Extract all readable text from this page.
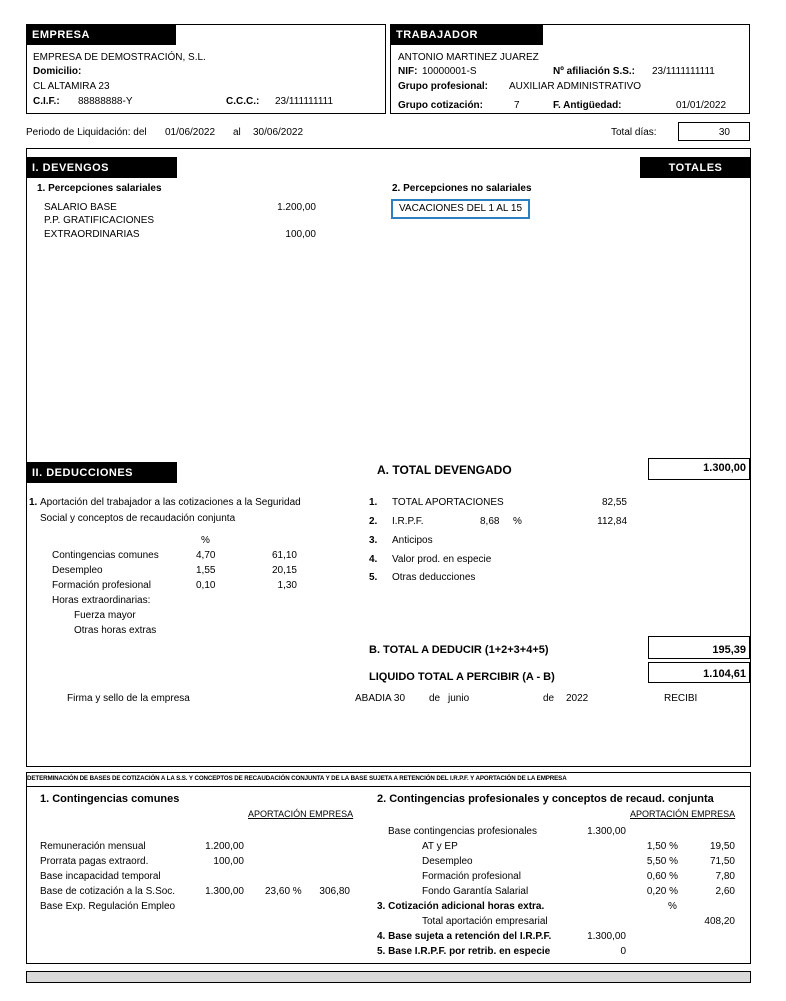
EMPRESA
EMPRESA DE DEMOSTRACIÓN, S.L.
Domicilio:
CL ALTAMIRA 23
C.I.F.: 88888888-Y	C.C.C.: 23/111111111
TRABAJADOR
ANTONIO MARTINEZ JUAREZ
NIF: 10000001-S	Nº afiliación S.S.: 23/1111111111
Grupo profesional: AUXILIAR ADMINISTRATIVO
Grupo cotización:	7	F. Antigüedad:	01/01/2022
Periodo de Liquidación: del 01/06/2022 al 30/06/2022	Total días:	30
I. DEVENGOS	TOTALES
1. Percepciones salariales
SALARIO BASE	1.200,00
P.P. GRATIFICACIONES
EXTRAORDINARIAS	100,00
2. Percepciones no salariales
VACACIONES DEL 1 AL 15
A. TOTAL DEVENGADO	1.300,00
II. DEDUCCIONES
1. Aportación del trabajador a las cotizaciones a la Seguridad
Social y conceptos de recaudación conjunta
%
Contingencias comunes	4,70	61,10
Desempleo	1,55	20,15
Formación profesional	0,10	1,30
Horas extraordinarias:
Fuerza mayor
Otras horas extras
1. TOTAL APORTACIONES	82,55
2. I.R.P.F.	8,68 %	112,84
3. Anticipos
4. Valor prod. en especie
5. Otras deducciones
B. TOTAL A DEDUCIR (1+2+3+4+5)	195,39
LIQUIDO TOTAL A PERCIBIR (A - B)	1.104,61
Firma y sello de la empresa	ABADIA 30 de junio	de 2022	RECIBI
DETERMINACIÓN DE BASES DE COTIZACIÓN A LA S.S. Y CONCEPTOS DE RECAUDACIÓN CONJUNTA Y DE LA BASE SUJETA A RETENCIÓN DEL I.R.P.F. Y APORTACIÓN DE LA EMPRESA
1. Contingencias comunes
APORTACIÓN EMPRESA
Remuneración mensual	1.200,00
Prorrata pagas extraord.	100,00
Base incapacidad temporal
Base de cotización a la S.Soc.	1.300,00 23,60 %	306,80
Base Exp. Regulación Empleo
2. Contingencias profesionales y conceptos de recaud. conjunta
APORTACIÓN EMPRESA
Base contingencias profesionales	1.300,00
AT y EP	1,50 %	19,50
Desempleo	5,50 %	71,50
Formación profesional	0,60 %	7,80
Fondo Garantía Salarial	0,20 %	2,60
3. Cotización adicional horas extra.	%
Total aportación empresarial	408,20
4. Base sujeta a retención del I.R.P.F.	1.300,00
5. Base I.R.P.F. por retrib. en especie	0
